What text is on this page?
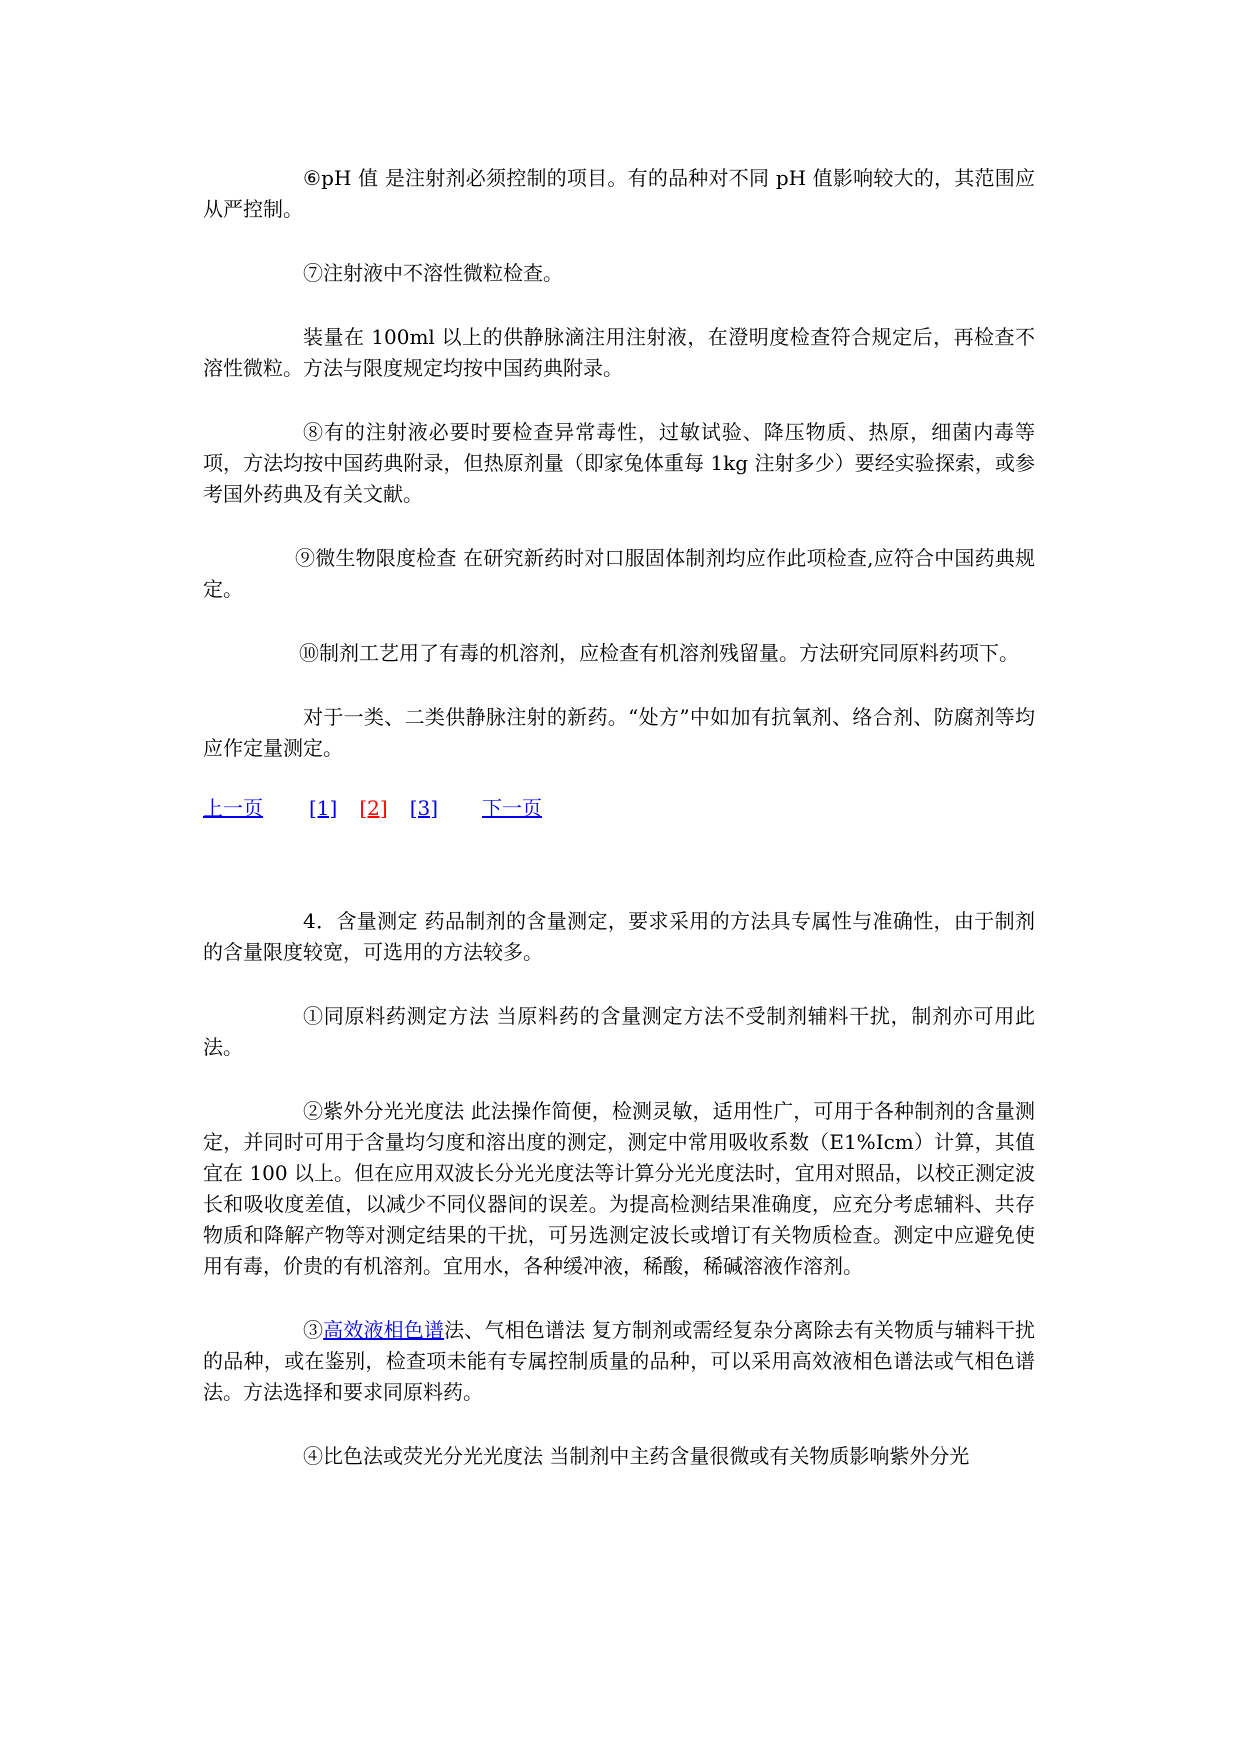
⑥pH 值 是注射剂必须控制的项目。有的品种对不同 pH 值影响较大的，其范围应从严控制。

⑦注射液中不溶性微粒检查。

装量在 100ml 以上的供静脉滴注用注射液，在澄明度检查符合规定后，再检查不溶性微粒。方法与限度规定均按中国药典附录。

⑧有的注射液必要时要检查异常毒性，过敏试验、降压物质、热原，细菌内毒等项，方法均按中国药典附录，但热原剂量（即家兔体重每 1kg 注射多少）要经实验探索，或参考国外药典及有关文献。

⑨微生物限度检查 在研究新药时对口服固体制剂均应作此项检查,应符合中国药典规定。

⑩制剂工艺用了有毒的机溶剂，应检查有机溶剂残留量。方法研究同原料药项下。

对于一类、二类供静脉注射的新药。“处方”中如加有抗氧剂、络合剂、防腐剂等均应作定量测定。

上一页 [1] [2] [3] 下一页

4．含量测定 药品制剂的含量测定，要求采用的方法具专属性与准确性，由于制剂的含量限度较宽，可选用的方法较多。

①同原料药测定方法 当原料药的含量测定方法不受制剂辅料干扰，制剂亦可用此法。

②紫外分光光度法 此法操作简便，检测灵敏，适用性广，可用于各种制剂的含量测定，并同时可用于含量均匀度和溶出度的测定，测定中常用吸收系数（E1%Icm）计算，其值宜在 100 以上。但在应用双波长分光光度法等计算分光光度法时，宜用对照品，以校正测定波长和吸收度差值，以减少不同仪器间的误差。为提高检测结果准确度，应充分考虑辅料、共存物质和降解产物等对测定结果的干扰，可另选测定波长或增订有关物质检查。测定中应避免使用有毒，价贵的有机溶剂。宜用水，各种缓冲液，稀酸，稀碱溶液作溶剂。

③高效液相色谱法、气相色谱法 复方制剂或需经复杂分离除去有关物质与辅料干扰的品种，或在鉴别，检查项未能有专属控制质量的品种，可以采用高效液相色谱法或气相色谱法。方法选择和要求同原料药。

④比色法或荧光分光光度法 当制剂中主药含量很微或有关物质影响紫外分光
